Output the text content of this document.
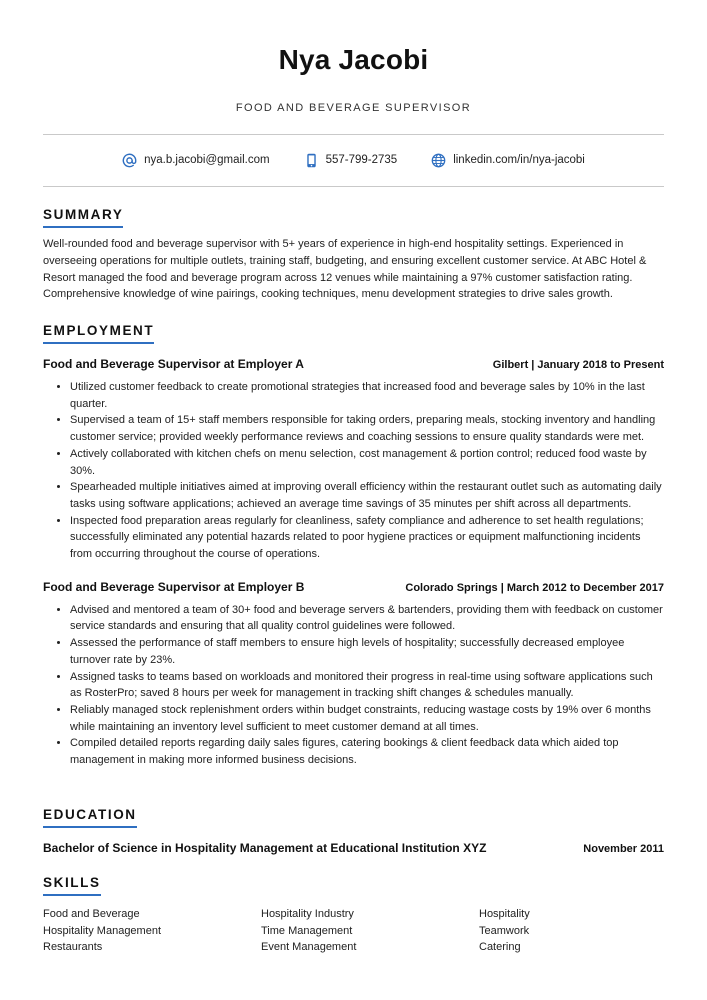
Nya Jacobi
FOOD AND BEVERAGE SUPERVISOR
nya.b.jacobi@gmail.com	557-799-2735	linkedin.com/in/nya-jacobi
SUMMARY

Well-rounded food and beverage supervisor with 5+ years of experience in high-end hospitality settings. Experienced in overseeing operations for multiple outlets, training staff, budgeting, and ensuring excellent customer service. At ABC Hotel & Resort managed the food and beverage program across 12 venues while maintaining a 97% customer satisfaction rating. Comprehensive knowledge of wine pairings, cooking techniques, menu development strategies to drive sales growth.

EMPLOYMENT
Food and Beverage Supervisor at Employer A	Gilbert | January 2018 to Present
• Utilized customer feedback to create promotional strategies that increased food and beverage sales by 10% in the last quarter.
• Supervised a team of 15+ staff members responsible for taking orders, preparing meals, stocking inventory and handling customer service; provided weekly performance reviews and coaching sessions to ensure quality standards were met.
• Actively collaborated with kitchen chefs on menu selection, cost management & portion control; reduced food waste by 30%.
• Spearheaded multiple initiatives aimed at improving overall efficiency within the restaurant outlet such as automating daily tasks using software applications; achieved an average time savings of 35 minutes per shift across all departments.
• Inspected food preparation areas regularly for cleanliness, safety compliance and adherence to set health regulations; successfully eliminated any potential hazards related to poor hygiene practices or equipment malfunctioning incidents from occurring throughout the course of operations.
Food and Beverage Supervisor at Employer B	Colorado Springs | March 2012 to December 2017
• Advised and mentored a team of 30+ food and beverage servers & bartenders, providing them with feedback on customer service standards and ensuring that all quality control guidelines were followed.
• Assessed the performance of staff members to ensure high levels of hospitality; successfully decreased employee turnover rate by 23%.
• Assigned tasks to teams based on workloads and monitored their progress in real-time using software applications such as RosterPro; saved 8 hours per week for management in tracking shift changes & schedules manually.
• Reliably managed stock replenishment orders within budget constraints, reducing wastage costs by 19% over 6 months while maintaining an inventory level sufficient to meet customer demand at all times.
• Compiled detailed reports regarding daily sales figures, catering bookings & client feedback data which aided top management in making more informed business decisions.
EDUCATION
Bachelor of Science in Hospitality Management at Educational Institution XYZ	November 2011
SKILLS
Food and Beverage	Hospitality Industry	Hospitality
Hospitality Management	Time Management	Teamwork
Restaurants	Event Management	Catering
